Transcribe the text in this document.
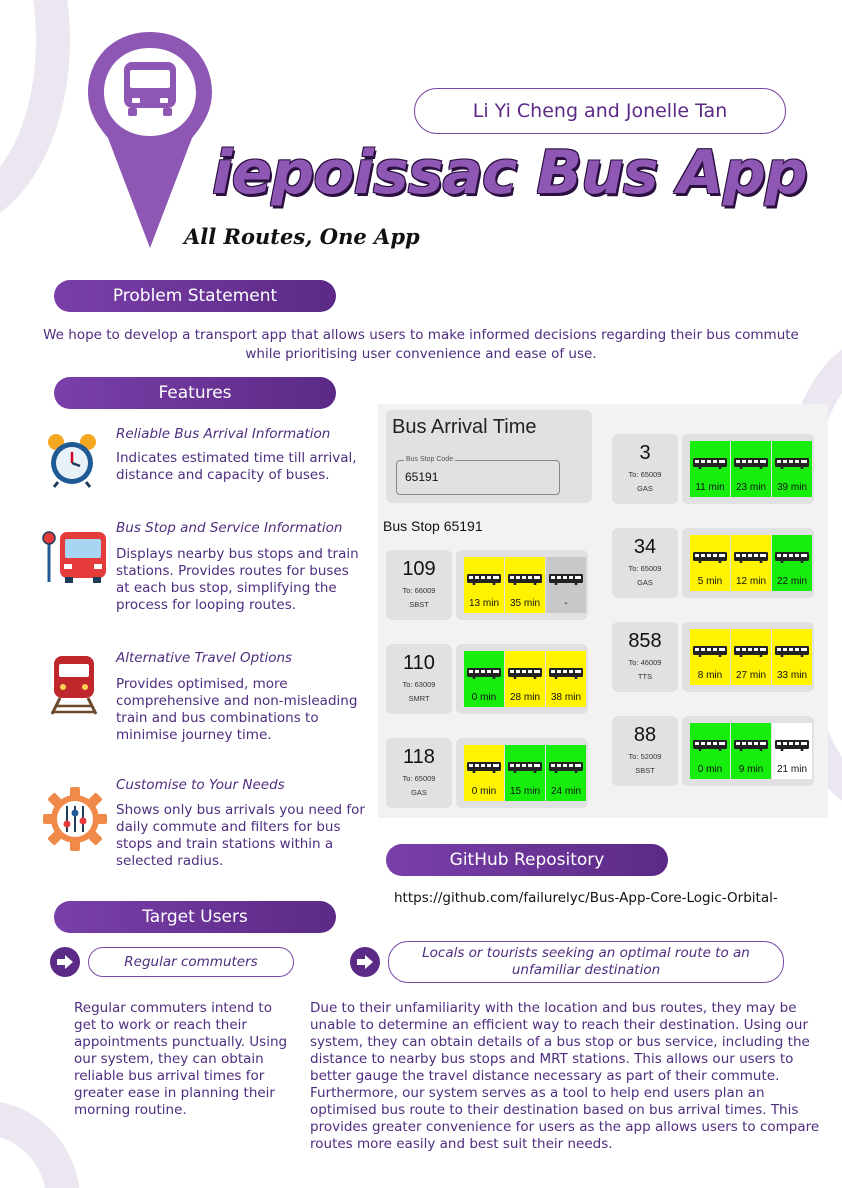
iepoissac Bus App
All Routes, One App
Li Yi Cheng and Jonelle Tan
Problem Statement
We hope to develop a transport app that allows users to make informed decisions regarding their bus commute while prioritising user convenience and ease of use.
Features
Reliable Bus Arrival Information
Indicates estimated time till arrival, distance and capacity of buses.
Bus Stop and Service Information
Displays nearby bus stops and train stations. Provides routes for buses at each bus stop, simplifying the process for looping routes.
Alternative Travel Options
Provides optimised, more comprehensive and non-misleading train and bus combinations to minimise journey time.
Customise to Your Needs
Shows only bus arrivals you need for daily commute and filters for bus stops and train stations within a selected radius.
Bus Arrival Time
Bus Stop Code
65191
Bus Stop 65191
109
To: 66009
SBST	13 min	35 min	-
110
To: 63009
SMRT	0 min	28 min	38 min
118
To: 65009
GAS	0 min	15 min	24 min
3
To: 65009
GAS	11 min	23 min	39 min
34
To: 65009
GAS	5 min	12 min	22 min
858
To: 46009
TTS	8 min	27 min	33 min
88
To: 52009
SBST	0 min	9 min	21 min
GitHub Repository
https://github.com/failurelyc/Bus-App-Core-Logic-Orbital-
Target Users
Regular commuters
Locals or tourists seeking an optimal route to an unfamiliar destination
Regular commuters intend to get to work or reach their appointments punctually. Using our system, they can obtain reliable bus arrival times for greater ease in planning their morning routine.
Due to their unfamiliarity with the location and bus routes, they may be unable to determine an efficient way to reach their destination. Using our system, they can obtain details of a bus stop or bus service, including the distance to nearby bus stops and MRT stations. This allows our users to better gauge the travel distance necessary as part of their commute. Furthermore, our system serves as a tool to help end users plan an optimised bus route to their destination based on bus arrival times. This provides greater convenience for users as the app allows users to compare routes more easily and best suit their needs.
